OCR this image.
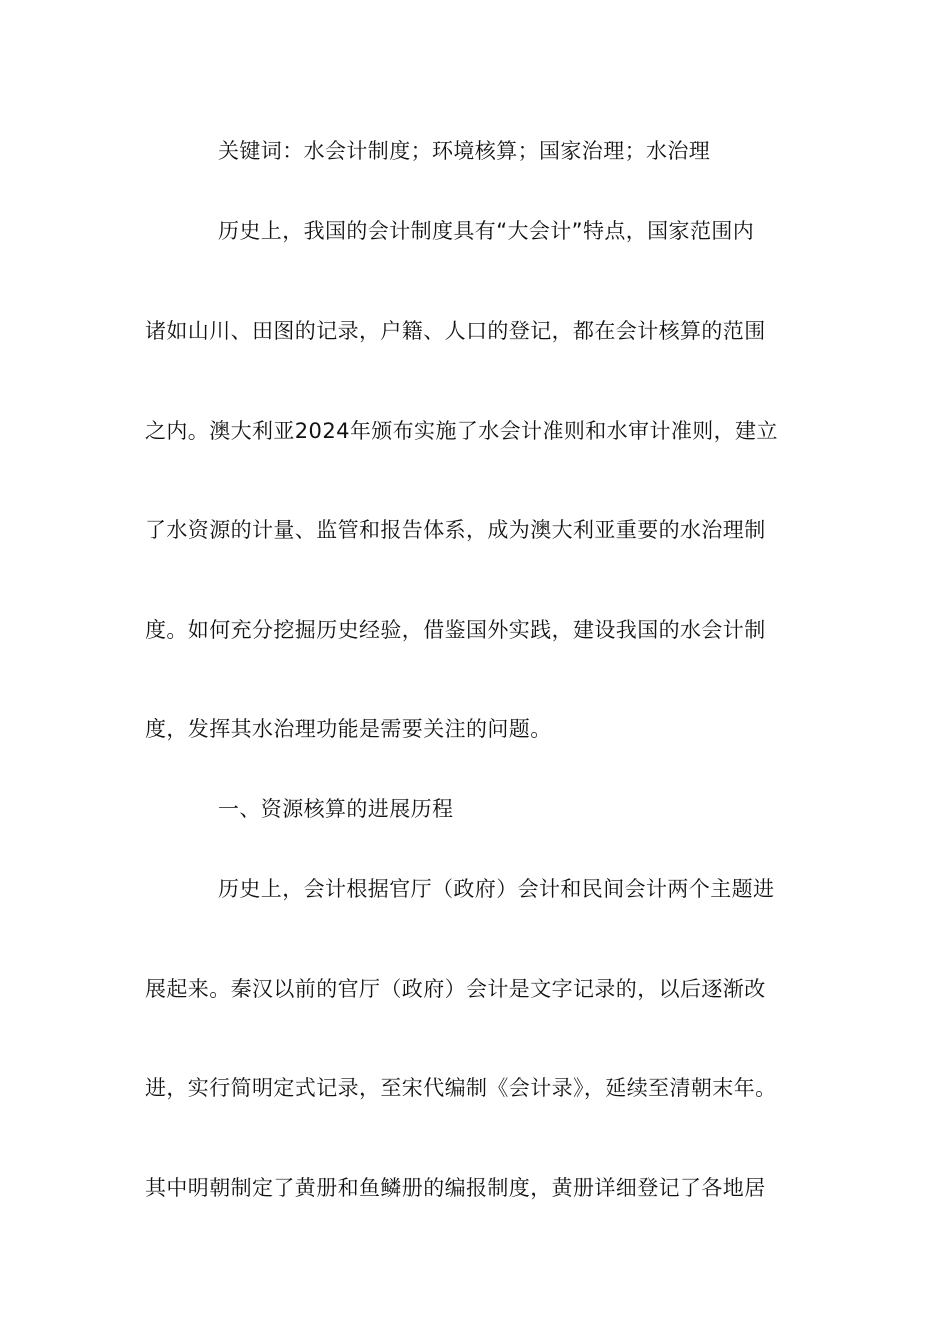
关键词：水会计制度；环境核算；国家治理；水治理
历史上，我国的会计制度具有“大会计”特点，国家范围内
诸如山川、田图的记录，户籍、人口的登记，都在会计核算的范围
之内。澳大利亚2024年颁布实施了水会计准则和水审计准则，建立
了水资源的计量、监管和报告体系，成为澳大利亚重要的水治理制
度。如何充分挖掘历史经验，借鉴国外实践，建设我国的水会计制
度，发挥其水治理功能是需要关注的问题。
一、资源核算的进展历程
历史上，会计根据官厅（政府）会计和民间会计两个主题进
展起来。秦汉以前的官厅（政府）会计是文字记录的，以后逐渐改
进，实行简明定式记录，至宋代编制《会计录》，延续至清朝末年。
其中明朝制定了黄册和鱼鳞册的编报制度，黄册详细登记了各地居
